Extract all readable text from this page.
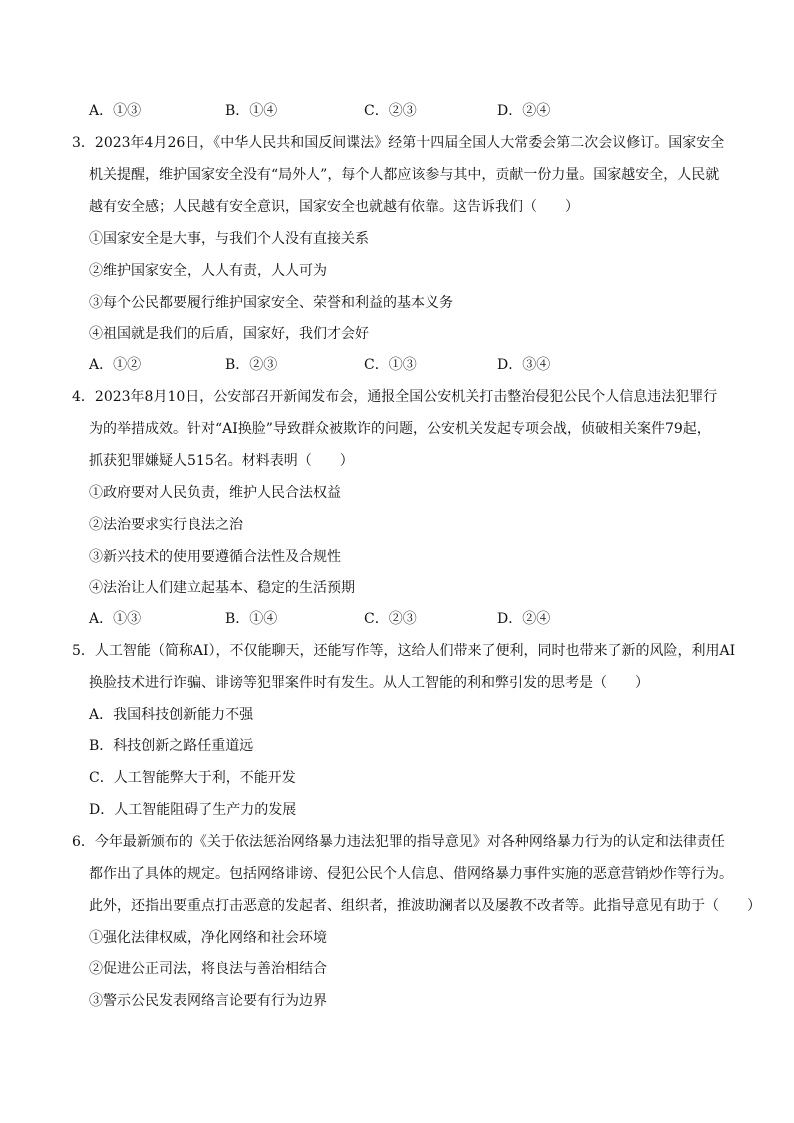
A．①③	B．①④	C．②③	D．②④
3．2023年4月26日，《中华人民共和国反间谍法》经第十四届全国人大常委会第二次会议修订。国家安全
机关提醒，维护国家安全没有“局外人”，每个人都应该参与其中，贡献一份力量。国家越安全，人民就
越有安全感；人民越有安全意识，国家安全也就越有依靠。这告诉我们（　　）
①国家安全是大事，与我们个人没有直接关系
②维护国家安全，人人有责，人人可为
③每个公民都要履行维护国家安全、荣誉和利益的基本义务
④祖国就是我们的后盾，国家好，我们才会好
A．①②	B．②③	C．①③	D．③④
4．2023年8月10日，公安部召开新闻发布会，通报全国公安机关打击整治侵犯公民个人信息违法犯罪行
为的举措成效。针对“AI换脸”导致群众被欺诈的问题，公安机关发起专项会战，侦破相关案件79起，
抓获犯罪嫌疑人515名。材料表明（　　）
①政府要对人民负责，维护人民合法权益
②法治要求实行良法之治
③新兴技术的使用要遵循合法性及合规性
④法治让人们建立起基本、稳定的生活预期
A．①③	B．①④	C．②③	D．②④
5．人工智能（简称AI），不仅能聊天，还能写作等，这给人们带来了便利，同时也带来了新的风险，利用AI
换脸技术进行诈骗、诽谤等犯罪案件时有发生。从人工智能的利和弊引发的思考是（　　）
A．我国科技创新能力不强
B．科技创新之路任重道远
C．人工智能弊大于利，不能开发
D．人工智能阻碍了生产力的发展
6．今年最新颁布的《关于依法惩治网络暴力违法犯罪的指导意见》对各种网络暴力行为的认定和法律责任
都作出了具体的规定。包括网络诽谤、侵犯公民个人信息、借网络暴力事件实施的恶意营销炒作等行为。
此外，还指出要重点打击恶意的发起者、组织者，推波助澜者以及屡教不改者等。此指导意见有助于（　　）
①强化法律权威，净化网络和社会环境
②促进公正司法，将良法与善治相结合
③警示公民发表网络言论要有行为边界
